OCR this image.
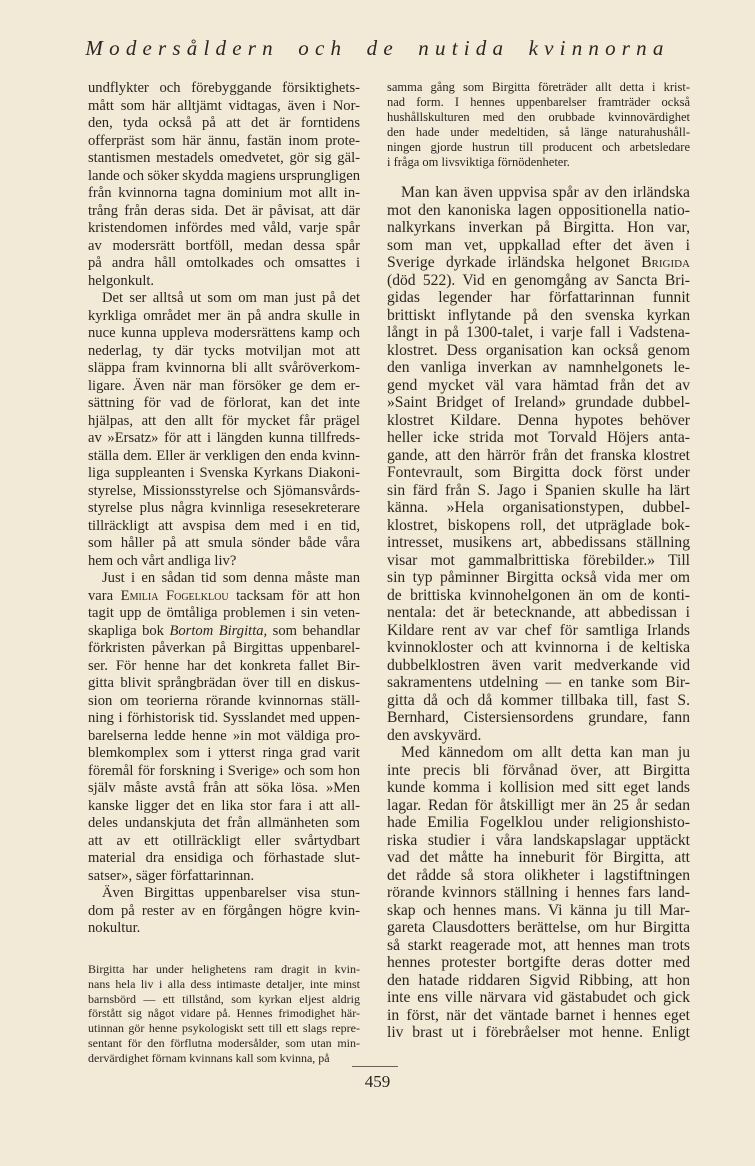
Modersåldern och de nutida kvinnorna
undflykter och förebyggande försiktighets-
mått som här alltjämt vidtagas, även i Nor-
den, tyda också på att det är forntidens
offerpräst som här ännu, fastän inom prote-
stantismen mestadels omedvetet, gör sig gäl-
lande och söker skydda magiens ursprungligen
från kvinnorna tagna dominium mot allt in-
trång från deras sida. Det är påvisat, att där
kristendomen infördes med våld, varje spår
av modersrätt bortföll, medan dessa spår
på andra håll omtolkades och omsattes i
helgonkult.
Det ser alltså ut som om man just på det
kyrkliga området mer än på andra skulle in
nuce kunna uppleva modersrättens kamp och
nederlag, ty där tycks motviljan mot att
släppa fram kvinnorna bli allt svåröverkom-
ligare. Även när man försöker ge dem er-
sättning för vad de förlorat, kan det inte
hjälpas, att den allt för mycket får prägel
av »Ersatz» för att i längden kunna tillfreds-
ställa dem. Eller är verkligen den enda kvinn-
liga suppleanten i Svenska Kyrkans Diakoni-
styrelse, Missionsstyrelse och Sjömansvårds-
styrelse plus några kvinnliga resesekreterare
tillräckligt att avspisa dem med i en tid,
som håller på att smula sönder både våra
hem och vårt andliga liv?
Just i en sådan tid som denna måste man
vara Emilia Fogelklou tacksam för att hon
tagit upp de ömtåliga problemen i sin veten-
skapliga bok Bortom Birgitta, som behandlar
förkristen påverkan på Birgittas uppenbarel-
ser. För henne har det konkreta fallet Bir-
gitta blivit språngbrädan över till en diskus-
sion om teorierna rörande kvinnornas ställ-
ning i förhistorisk tid. Sysslandet med uppen-
barelserna ledde henne »in mot väldiga pro-
blemkomplex som i ytterst ringa grad varit
föremål för forskning i Sverige» och som hon
själv måste avstå från att söka lösa. »Men
kanske ligger det en lika stor fara i att all-
deles undanskjuta det från allmänheten som
att av ett otillräckligt eller svårtydbart
material dra ensidiga och förhastade slut-
satser», säger författarinnan.
Även Birgittas uppenbarelser visa stun-
dom på rester av en förgången högre kvin-
nokultur.
Birgitta har under helighetens ram dragit in kvin-
nans hela liv i alla dess intimaste detaljer, inte minst
barnsbörd — ett tillstånd, som kyrkan eljest aldrig
förstått sig något vidare på. Hennes frimodighet här-
utinnan gör henne psykologiskt sett till ett slags repre-
sentant för den förflutna modersålder, som utan min-
dervärdighet förnam kvinnans kall som kvinna, på
samma gång som Birgitta företräder allt detta i krist-
nad form. I hennes uppenbarelser framträder också
hushållskulturen med den orubbade kvinnovärdighet
den hade under medeltiden, så länge naturahushåll-
ningen gjorde hustrun till producent och arbetsledare
i fråga om livsviktiga förnödenheter.
Man kan även uppvisa spår av den irländska
mot den kanoniska lagen oppositionella natio-
nalkyrkans inverkan på Birgitta. Hon var,
som man vet, uppkallad efter det även i
Sverige dyrkade irländska helgonet Brigida
(död 522). Vid en genomgång av Sancta Bri-
gidas legender har författarinnan funnit
brittiskt inflytande på den svenska kyrkan
långt in på 1300-talet, i varje fall i Vadstena-
klostret. Dess organisation kan också genom
den vanliga inverkan av namnhelgonets le-
gend mycket väl vara hämtad från det av
»Saint Bridget of Ireland» grundade dubbel-
klostret Kildare. Denna hypotes behöver
heller icke strida mot Torvald Höjers anta-
gande, att den härrör från det franska klostret
Fontevrault, som Birgitta dock först under
sin färd från S. Jago i Spanien skulle ha lärt
känna. »Hela organisationstypen, dubbel-
klostret, biskopens roll, det utpräglade bok-
intresset, musikens art, abbedissans ställning
visar mot gammalbrittiska förebilder.» Till
sin typ påminner Birgitta också vida mer om
de brittiska kvinnohelgonen än om de konti-
nentala: det är betecknande, att abbedissan i
Kildare rent av var chef för samtliga Irlands
kvinnokloster och att kvinnorna i de keltiska
dubbelklostren även varit medverkande vid
sakramentens utdelning — en tanke som Bir-
gitta då och då kommer tillbaka till, fast S.
Bernhard, Cistersiensordens grundare, fann
den avskyvärd.
Med kännedom om allt detta kan man ju
inte precis bli förvånad över, att Birgitta
kunde komma i kollision med sitt eget lands
lagar. Redan för åtskilligt mer än 25 år sedan
hade Emilia Fogelklou under religionshisto-
riska studier i våra landskapslagar upptäckt
vad det måtte ha inneburit för Birgitta, att
det rådde så stora olikheter i lagstiftningen
rörande kvinnors ställning i hennes fars land-
skap och hennes mans. Vi känna ju till Mar-
gareta Clausdotters berättelse, om hur Birgitta
så starkt reagerade mot, att hennes man trots
hennes protester bortgifte deras dotter med
den hatade riddaren Sigvid Ribbing, att hon
inte ens ville närvara vid gästabudet och gick
in först, när det väntade barnet i hennes eget
liv brast ut i förebråelser mot henne. Enligt
459
